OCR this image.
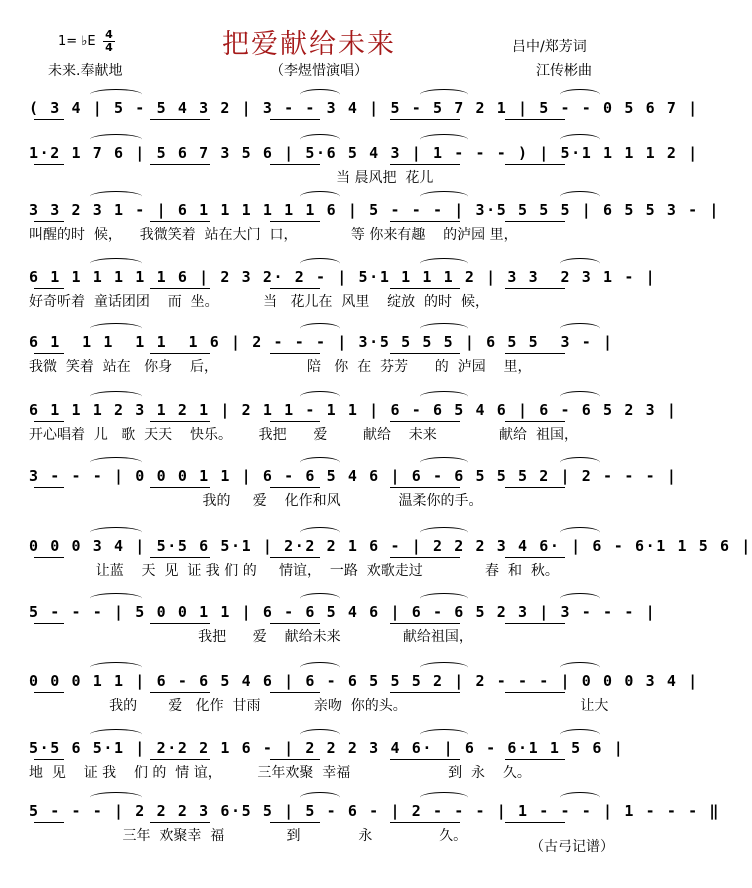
1= ♭E 4
4	把爱献给未来	吕中/郑芳词
未来.奉献地	（李煜惜演唱）	江传彬曲
( 3 4 | 5 - 5 4 3 2 | 3 - - 3 4 | 5 - 5 7 2 1 | 5 - - 0 5 6 7 |
1·2 1 7 6 | 5 6 7 3 5 6 | 5·6 5 4 3 | 1 - - - ) | 5·1 1 1 1 2 |
当 晨风把  花儿
3 3 2 3 1 - | 6 1 1 1 1 1 1 6 | 5 - - - | 3·5 5 5 5 | 6 5 5 3 - |
叫醒的时  候，    我微笑着  站在大门  口，            等 你来有趣    的泸园 里，
6 1 1 1 1 1 1 6 | 2 3 2· 2 - | 5·1 1 1 1 2 | 3 3  2 3 1 - |
好奇听着  童话团团    而  坐。          当   花儿在  风里    绽放  的时  候，
6 1  1 1  1 1  1 6 | 2 - - - | 3·5 5 5 5 | 6 5 5  3 - |
我微  笑着  站在   你身    后，                    陪   你  在  芬芳      的  泸园    里，
6 1 1 1 2 3 1 2 1 | 2 1 1 - 1 1 | 6 - 6 5 4 6 | 6 - 6 5 2 3 |
开心唱着  儿   歌  天天    快乐。      我把      爱        献给    未来              献给  祖国，
3 - - - | 0 0 0 1 1 | 6 - 6 5 4 6 | 6 - 6 5 5 5 2 | 2 - - - |
我的     爱    化作和风             温柔你的手。
0 0 0 3 4 | 5·5 6 5·1 | 2·2 2 1 6 - | 2 2 2 3 4 6· | 6 - 6·1 1 5 6 |
让蓝    天  见  证 我 们 的     情谊，  一路  欢歌走过              春  和  秋。
5 - - - | 5 0 0 1 1 | 6 - 6 5 4 6 | 6 - 6 5 2 3 | 3 - - - |
我把      爱    献给未来              献给祖国，
0 0 0 1 1 | 6 - 6 5 4 6 | 6 - 6 5 5 5 2 | 2 - - - | 0 0 0 3 4 |
我的       爱   化作  甘雨            亲吻  你的头。                                       让大
5·5 6 5·1 | 2·2 2 1 6 - | 2 2 2 3 4 6· | 6 - 6·1 1 5 6 |
地  见    证 我    们 的  情 谊，        三年欢聚  幸福                      到  永    久。
5 - - - | 2 2 2 3 6·5 5 | 5 - 6 - | 2 - - - | 1 - - - | 1 - - - ‖
三年  欢聚幸  福              到             永               久。
（古弓记谱）
